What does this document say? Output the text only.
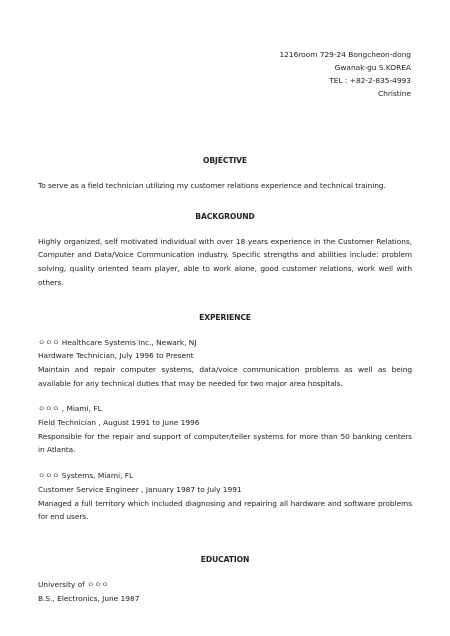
1216room 729-24 Bongcheon-dong
Gwanak-gu S.KOREA
TEL : +82-2-835-4993
Christine
OBJECTIVE
To serve as a field technician utilizing my customer relations experience and technical training.
BACKGROUND
Highly organized, self motivated individual with over 18 years experience in the Customer Relations, Computer and Data/Voice Communication industry. Specific strengths and abilities include: problem solving, quality oriented team player, able to work alone, good customer relations, work well with others.
EXPERIENCE
ㅇㅇㅇ Healthcare Systems Inc., Newark, NJ
Hardware Technician, July 1996 to Present
Maintain and repair computer systems, data/voice communication problems as well as being available for any technical duties that may be needed for two major area hospitals.
ㅇㅇㅇ , Miami, FL
Field Technician , August 1991 to June 1996
Responsible for the repair and support of computer/teller systems for more than 50 banking centers in Atlanta.
ㅇㅇㅇ Systems, Miami, FL
Customer Service Engineer , January 1987 to July 1991
Managed a full territory which included diagnosing and repairing all hardware and software problems for end users.
EDUCATION
University of ㅇㅇㅇ
B.S., Electronics, June 1987
